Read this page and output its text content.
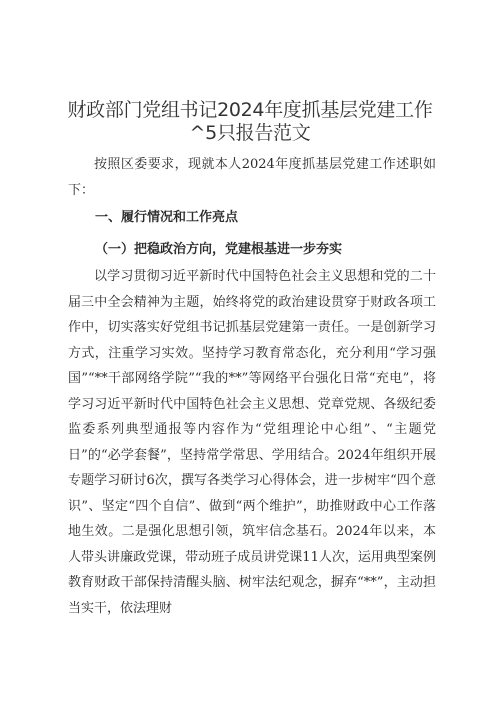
财政部门党组书记2024年度抓基层党建工作
^5只报告范文

按照区委要求，现就本人2024年度抓基层党建工作述职如下：

一、履行情况和工作亮点
（一）把稳政治方向，党建根基进一步夯实

以学习贯彻习近平新时代中国特色社会主义思想和党的二十届三中全会精神为主题，始终将党的政治建设贯穿于财政各项工作中，切实落实好党组书记抓基层党建第一责任。一是创新学习方式，注重学习实效。坚持学习教育常态化，充分利用“学习强国”“**干部网络学院”“我的**”等网络平台强化日常“充电”，将学习习近平新时代中国特色社会主义思想、党章党规、各级纪委监委系列典型通报等内容作为“党组理论中心组”、“主题党日”的“必学套餐”，坚持常学常思、学用结合。2024年组织开展专题学习研讨6次，撰写各类学习心得体会，进一步树牢“四个意识”、坚定“四个自信”、做到“两个维护”，助推财政中心工作落地生效。二是强化思想引领，筑牢信念基石。2024年以来，本人带头讲廉政党课，带动班子成员讲党课11人次，运用典型案例教育财政干部保持清醒头脑、树牢法纪观念，摒弃“**”，主动担当实干，依法理财
